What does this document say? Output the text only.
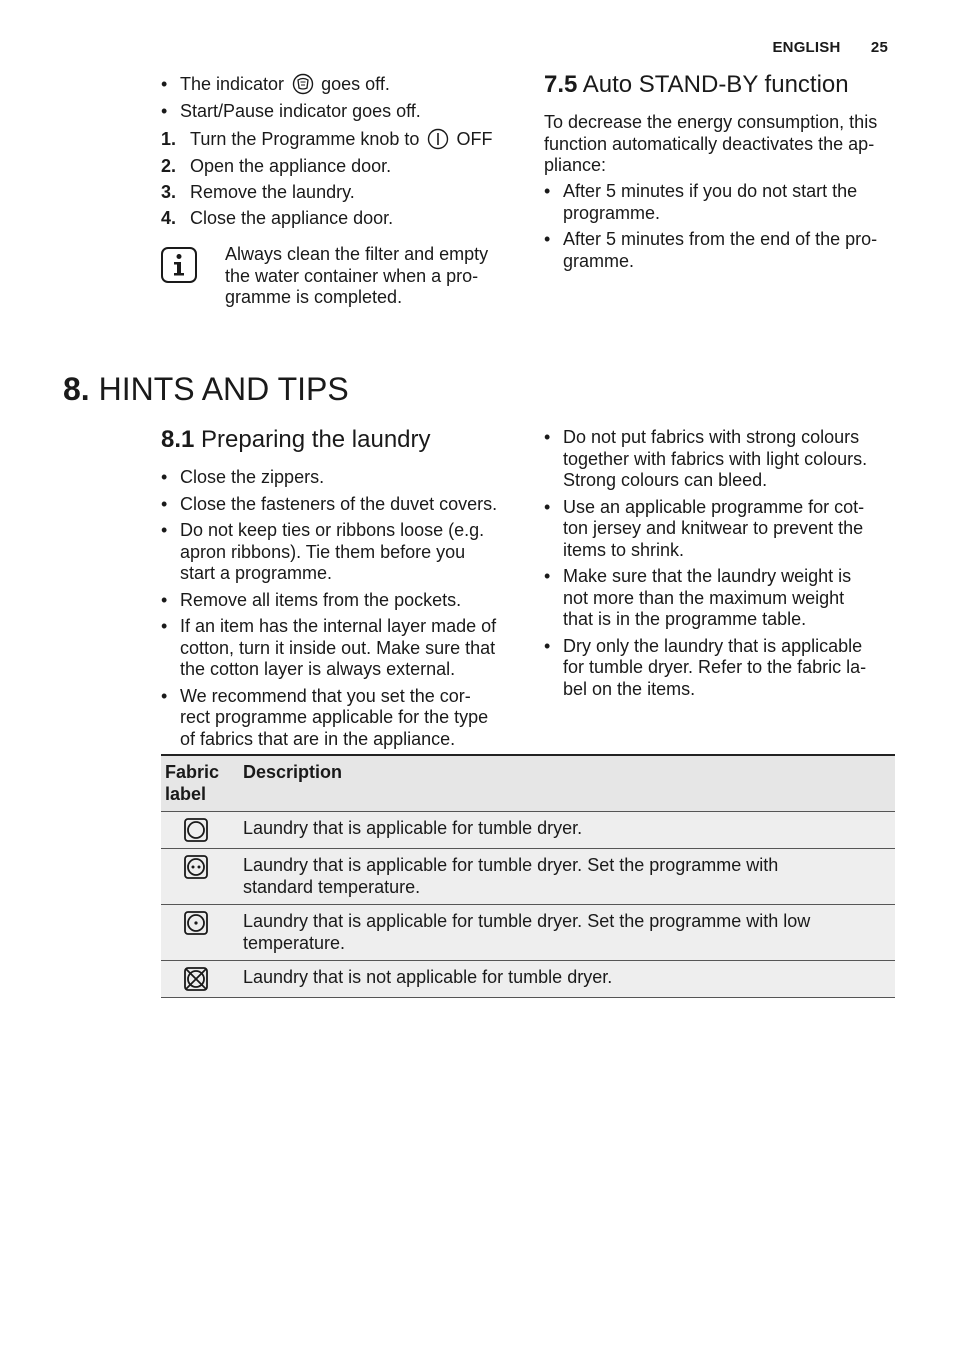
ENGLISH 25
• The indicator goes off.
• Start/Pause indicator goes off.
1. Turn the Programme knob to OFF
2. Open the appliance door.
3. Remove the laundry.
4. Close the appliance door.
Always clean the filter and empty
the water container when a pro-
gramme is completed.
7.5 Auto STAND-BY function
To decrease the energy consumption, this
function automatically deactivates the ap-
pliance:
• After 5 minutes if you do not start the
programme.
• After 5 minutes from the end of the pro-
gramme.
8. HINTS AND TIPS
8.1 Preparing the laundry
• Close the zippers.
• Close the fasteners of the duvet covers.
• Do not keep ties or ribbons loose (e.g.
apron ribbons). Tie them before you
start a programme.
• Remove all items from the pockets.
• If an item has the internal layer made of
cotton, turn it inside out. Make sure that
the cotton layer is always external.
• We recommend that you set the cor-
rect programme applicable for the type
of fabrics that are in the appliance.
• Do not put fabrics with strong colours
together with fabrics with light colours.
Strong colours can bleed.
• Use an applicable programme for cot-
ton jersey and knitwear to prevent the
items to shrink.
• Make sure that the laundry weight is
not more than the maximum weight
that is in the programme table.
• Dry only the laundry that is applicable
for tumble dryer. Refer to the fabric la-
bel on the items.
Fabric
label	Description

Laundry that is applicable for tumble dryer.

Laundry that is applicable for tumble dryer. Set the programme with
standard temperature.

Laundry that is applicable for tumble dryer. Set the programme with low
temperature.

Laundry that is not applicable for tumble dryer.
